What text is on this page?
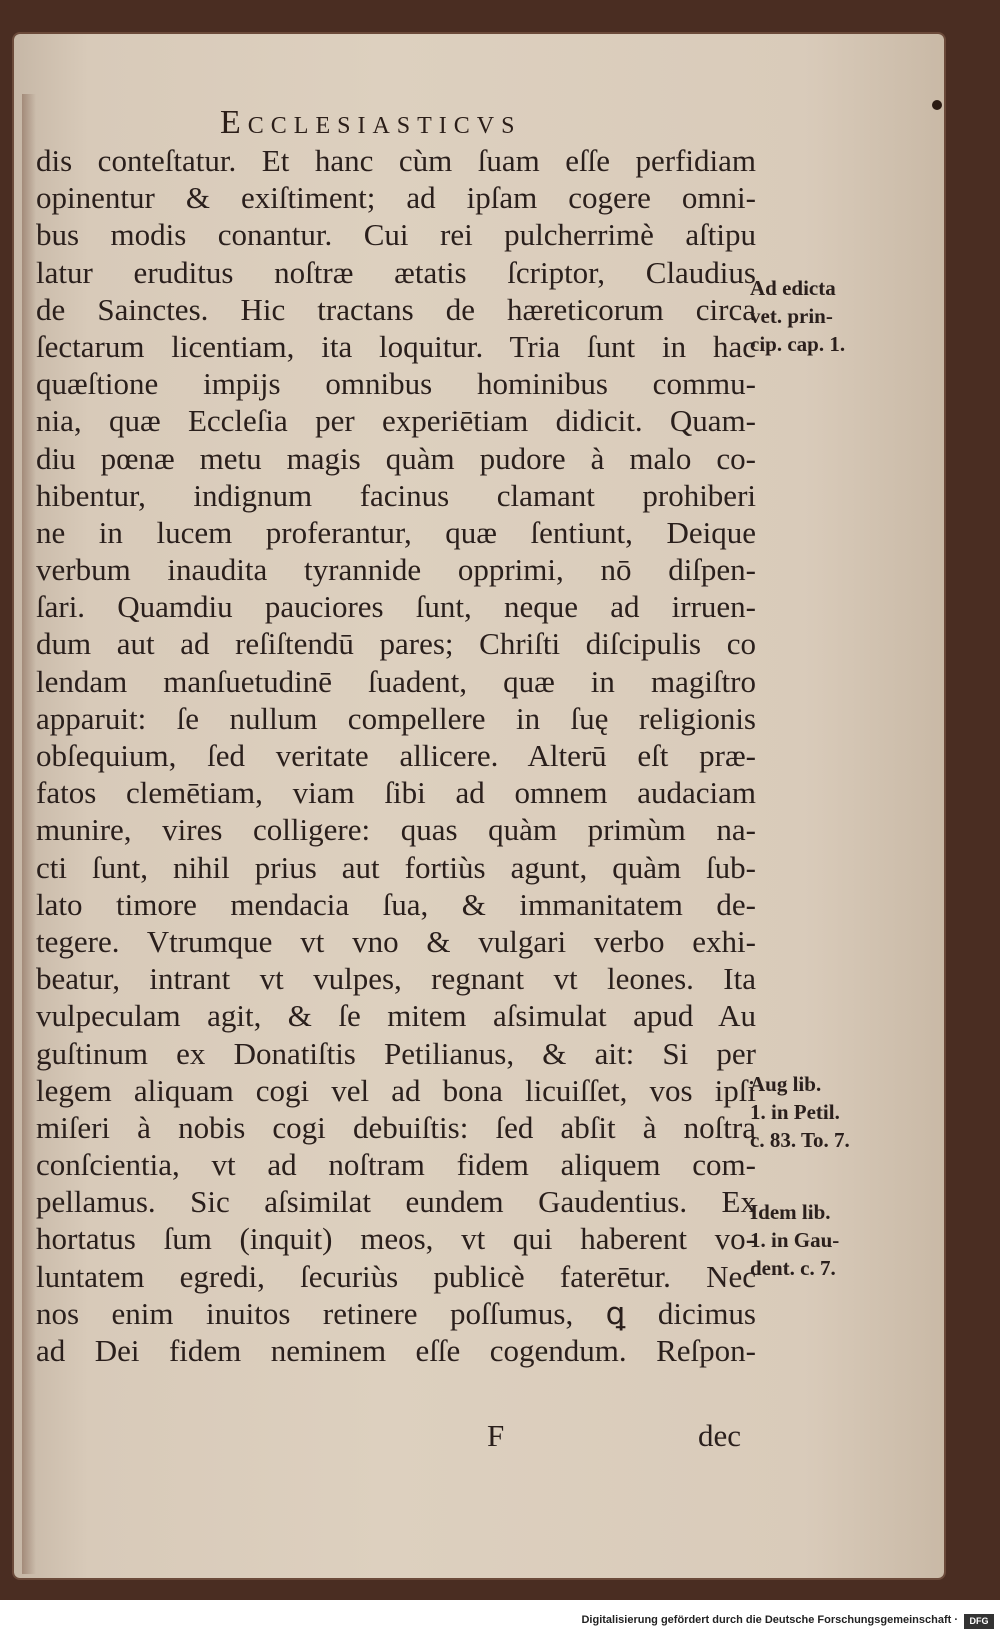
Ecclesiasticvs
dis conteſtatur. Et hanc cùm ſuam eſſe perfidiam
opinentur & exiſtiment; ad ipſam cogere omni-
bus modis conantur. Cui rei pulcherrimè aſtipu
latur eruditus noſtræ ætatis ſcriptor, Claudius
de Sainctes. Hic tractans de hæreticorum circa
ſectarum licentiam, ita loquitur. Tria ſunt in hac
quæſtione impijs omnibus hominibus commu-
nia, quæ Eccleſia per experiētiam didicit. Quam-
diu pœnæ metu magis quàm pudore à malo co-
hibentur, indignum facinus clamant prohiberi
ne in lucem proferantur, quæ ſentiunt, Deique
verbum inaudita tyrannide opprimi, nō diſpen-
ſari. Quamdiu pauciores ſunt, neque ad irruen-
dum aut ad reſiſtendū pares; Chriſti diſcipulis co
lendam manſuetudinē ſuadent, quæ in magiſtro
apparuit: ſe nullum compellere in ſuę religionis
obſequium, ſed veritate allicere. Alterū eſt præ-
fatos clemētiam, viam ſibi ad omnem audaciam
munire, vires colligere: quas quàm primùm na-
cti ſunt, nihil prius aut fortiùs agunt, quàm ſub-
lato timore mendacia ſua, & immanitatem de-
tegere. Vtrumque vt vno & vulgari verbo exhi-
beatur, intrant vt vulpes, regnant vt leones. Ita
vulpeculam agit, & ſe mitem aſsimulat apud Au
guſtinum ex Donatiſtis Petilianus, & ait: Si per
legem aliquam cogi vel ad bona licuiſſet, vos ipſi
miſeri à nobis cogi debuiſtis: ſed abſit à noſtra
conſcientia, vt ad noſtram fidem aliquem com-
pellamus. Sic aſsimilat eundem Gaudentius. Ex
hortatus ſum (inquit) meos, vt qui haberent vo-
luntatem egredi, ſecuriùs publicè faterētur. Nec
nos enim inuitos retinere poſſumus, ꝗ dicimus
ad Dei fidem neminem eſſe cogendum. Reſpon-
Ad edicta
vet. prin-
cip. cap. 1.
Aug lib.
1. in Petil.
c. 83. To. 7.
Idem lib.
1. in Gau-
dent. c. 7.
F	dec
Digitalisierung gefördert durch die Deutsche Forschungsgemeinschaft ·	DFG
